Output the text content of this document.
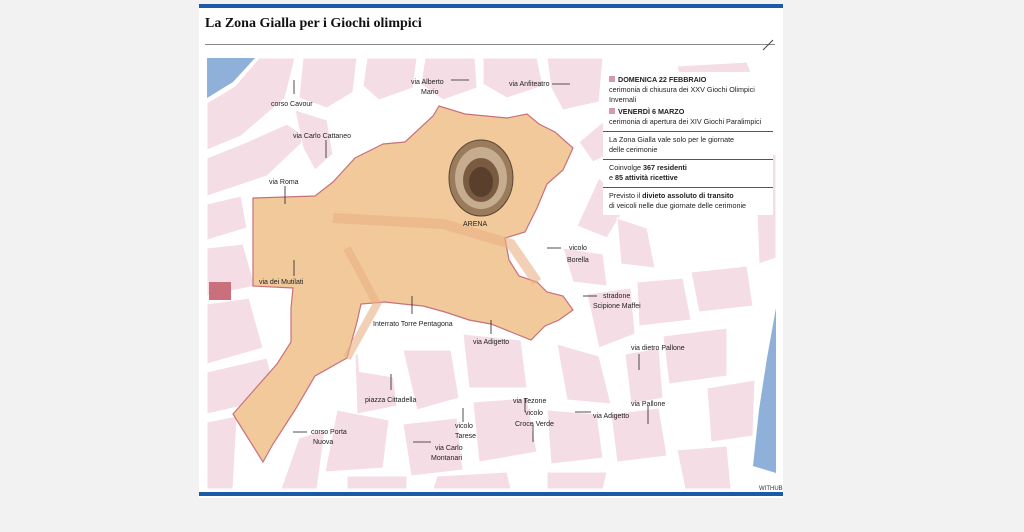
La Zona Gialla per i Giochi olimpici
ARENA
corso Cavour
via Alberto
Mario
via Anfiteatro
via Carlo Cattaneo
via Roma
vicolo
Borella
via dei Mutilati
stradone
Scipione Maffei
Interrato Torre Pentagona
via Adigetto
via dietro Pallone
piazza Cittadella
via Pallone
via Tezone
vicolo
Croce Verde
via Adigetto
vicolo
Tarese
corso Porta
Nuova
via Carlo
Montanari
DOMENICA 22 FEBBRAIO
cerimonia di chiusura dei XXV Giochi Olimpici
Invernali
VENERDÌ 6 MARZO
cerimonia di apertura dei XIV Giochi Paralimpici
La Zona Gialla vale solo per le giornate
delle cerimonie
Coinvolge 367 residenti
e 85 attività ricettive
Previsto il divieto assoluto di transito
di veicoli nelle due giornate delle cerimonie
WITHUB
